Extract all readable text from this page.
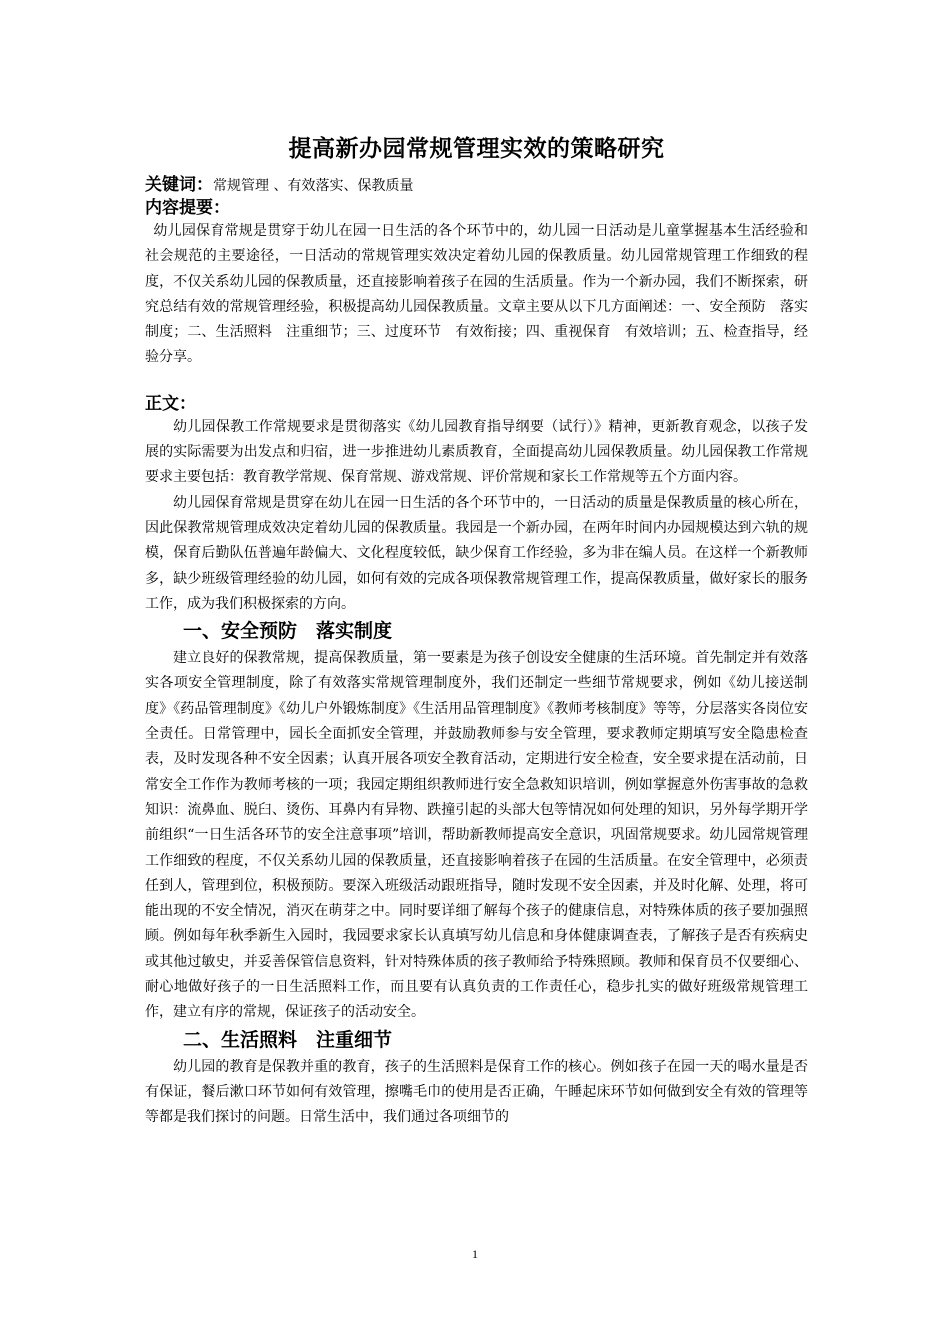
提高新办园常规管理实效的策略研究

关键词：常规管理 、有效落实、保教质量

内容提要：

幼儿园保育常规是贯穿于幼儿在园一日生活的各个环节中的，幼儿园一日活动是儿童掌握基本生活经验和社会规范的主要途径，一日活动的常规管理实效决定着幼儿园的保教质量。幼儿园常规管理工作细致的程度，不仅关系幼儿园的保教质量，还直接影响着孩子在园的生活质量。作为一个新办园，我们不断探索，研究总结有效的常规管理经验，积极提高幼儿园保教质量。文章主要从以下几方面阐述：一、安全预防　落实制度；二、生活照料　注重细节；三、过度环节　有效衔接；四、重视保育　有效培训；五、检查指导，经验分享。

正文：

幼儿园保教工作常规要求是贯彻落实《幼儿园教育指导纲要（试行）》精神，更新教育观念，以孩子发展的实际需要为出发点和归宿，进一步推进幼儿素质教育，全面提高幼儿园保教质量。幼儿园保教工作常规要求主要包括：教育教学常规、保育常规、游戏常规、评价常规和家长工作常规等五个方面内容。

幼儿园保育常规是贯穿在幼儿在园一日生活的各个环节中的，一日活动的质量是保教质量的核心所在，因此保教常规管理成效决定着幼儿园的保教质量。我园是一个新办园，在两年时间内办园规模达到六轨的规模，保育后勤队伍普遍年龄偏大、文化程度较低，缺少保育工作经验，多为非在编人员。在这样一个新教师多，缺少班级管理经验的幼儿园，如何有效的完成各项保教常规管理工作，提高保教质量，做好家长的服务工作，成为我们积极探索的方向。

一、安全预防　落实制度

建立良好的保教常规，提高保教质量，第一要素是为孩子创设安全健康的生活环境。首先制定并有效落实各项安全管理制度，除了有效落实常规管理制度外，我们还制定一些细节常规要求，例如《幼儿接送制度》《药品管理制度》《幼儿户外锻炼制度》《生活用品管理制度》《教师考核制度》等等，分层落实各岗位安全责任。日常管理中，园长全面抓安全管理，并鼓励教师参与安全管理，要求教师定期填写安全隐患检查表，及时发现各种不安全因素；认真开展各项安全教育活动，定期进行安全检查，安全要求提在活动前，日常安全工作作为教师考核的一项；我园定期组织教师进行安全急救知识培训，例如掌握意外伤害事故的急救知识：流鼻血、脱臼、烫伤、耳鼻内有异物、跌撞引起的头部大包等情况如何处理的知识，另外每学期开学前组织“一日生活各环节的安全注意事项”培训，帮助新教师提高安全意识，巩固常规要求。幼儿园常规管理工作细致的程度，不仅关系幼儿园的保教质量，还直接影响着孩子在园的生活质量。在安全管理中，必须责任到人，管理到位，积极预防。要深入班级活动跟班指导，随时发现不安全因素，并及时化解、处理，将可能出现的不安全情况，消灭在萌芽之中。同时要详细了解每个孩子的健康信息，对特殊体质的孩子要加强照顾。例如每年秋季新生入园时，我园要求家长认真填写幼儿信息和身体健康调查表，了解孩子是否有疾病史或其他过敏史，并妥善保管信息资料，针对特殊体质的孩子教师给予特殊照顾。教师和保育员不仅要细心、耐心地做好孩子的一日生活照料工作，而且要有认真负责的工作责任心，稳步扎实的做好班级常规管理工作，建立有序的常规，保证孩子的活动安全。

二、生活照料　注重细节

幼儿园的教育是保教并重的教育，孩子的生活照料是保育工作的核心。例如孩子在园一天的喝水量是否有保证，餐后漱口环节如何有效管理，擦嘴毛巾的使用是否正确，午睡起床环节如何做到安全有效的管理等等都是我们探讨的问题。日常生活中，我们通过各项细节的

1
